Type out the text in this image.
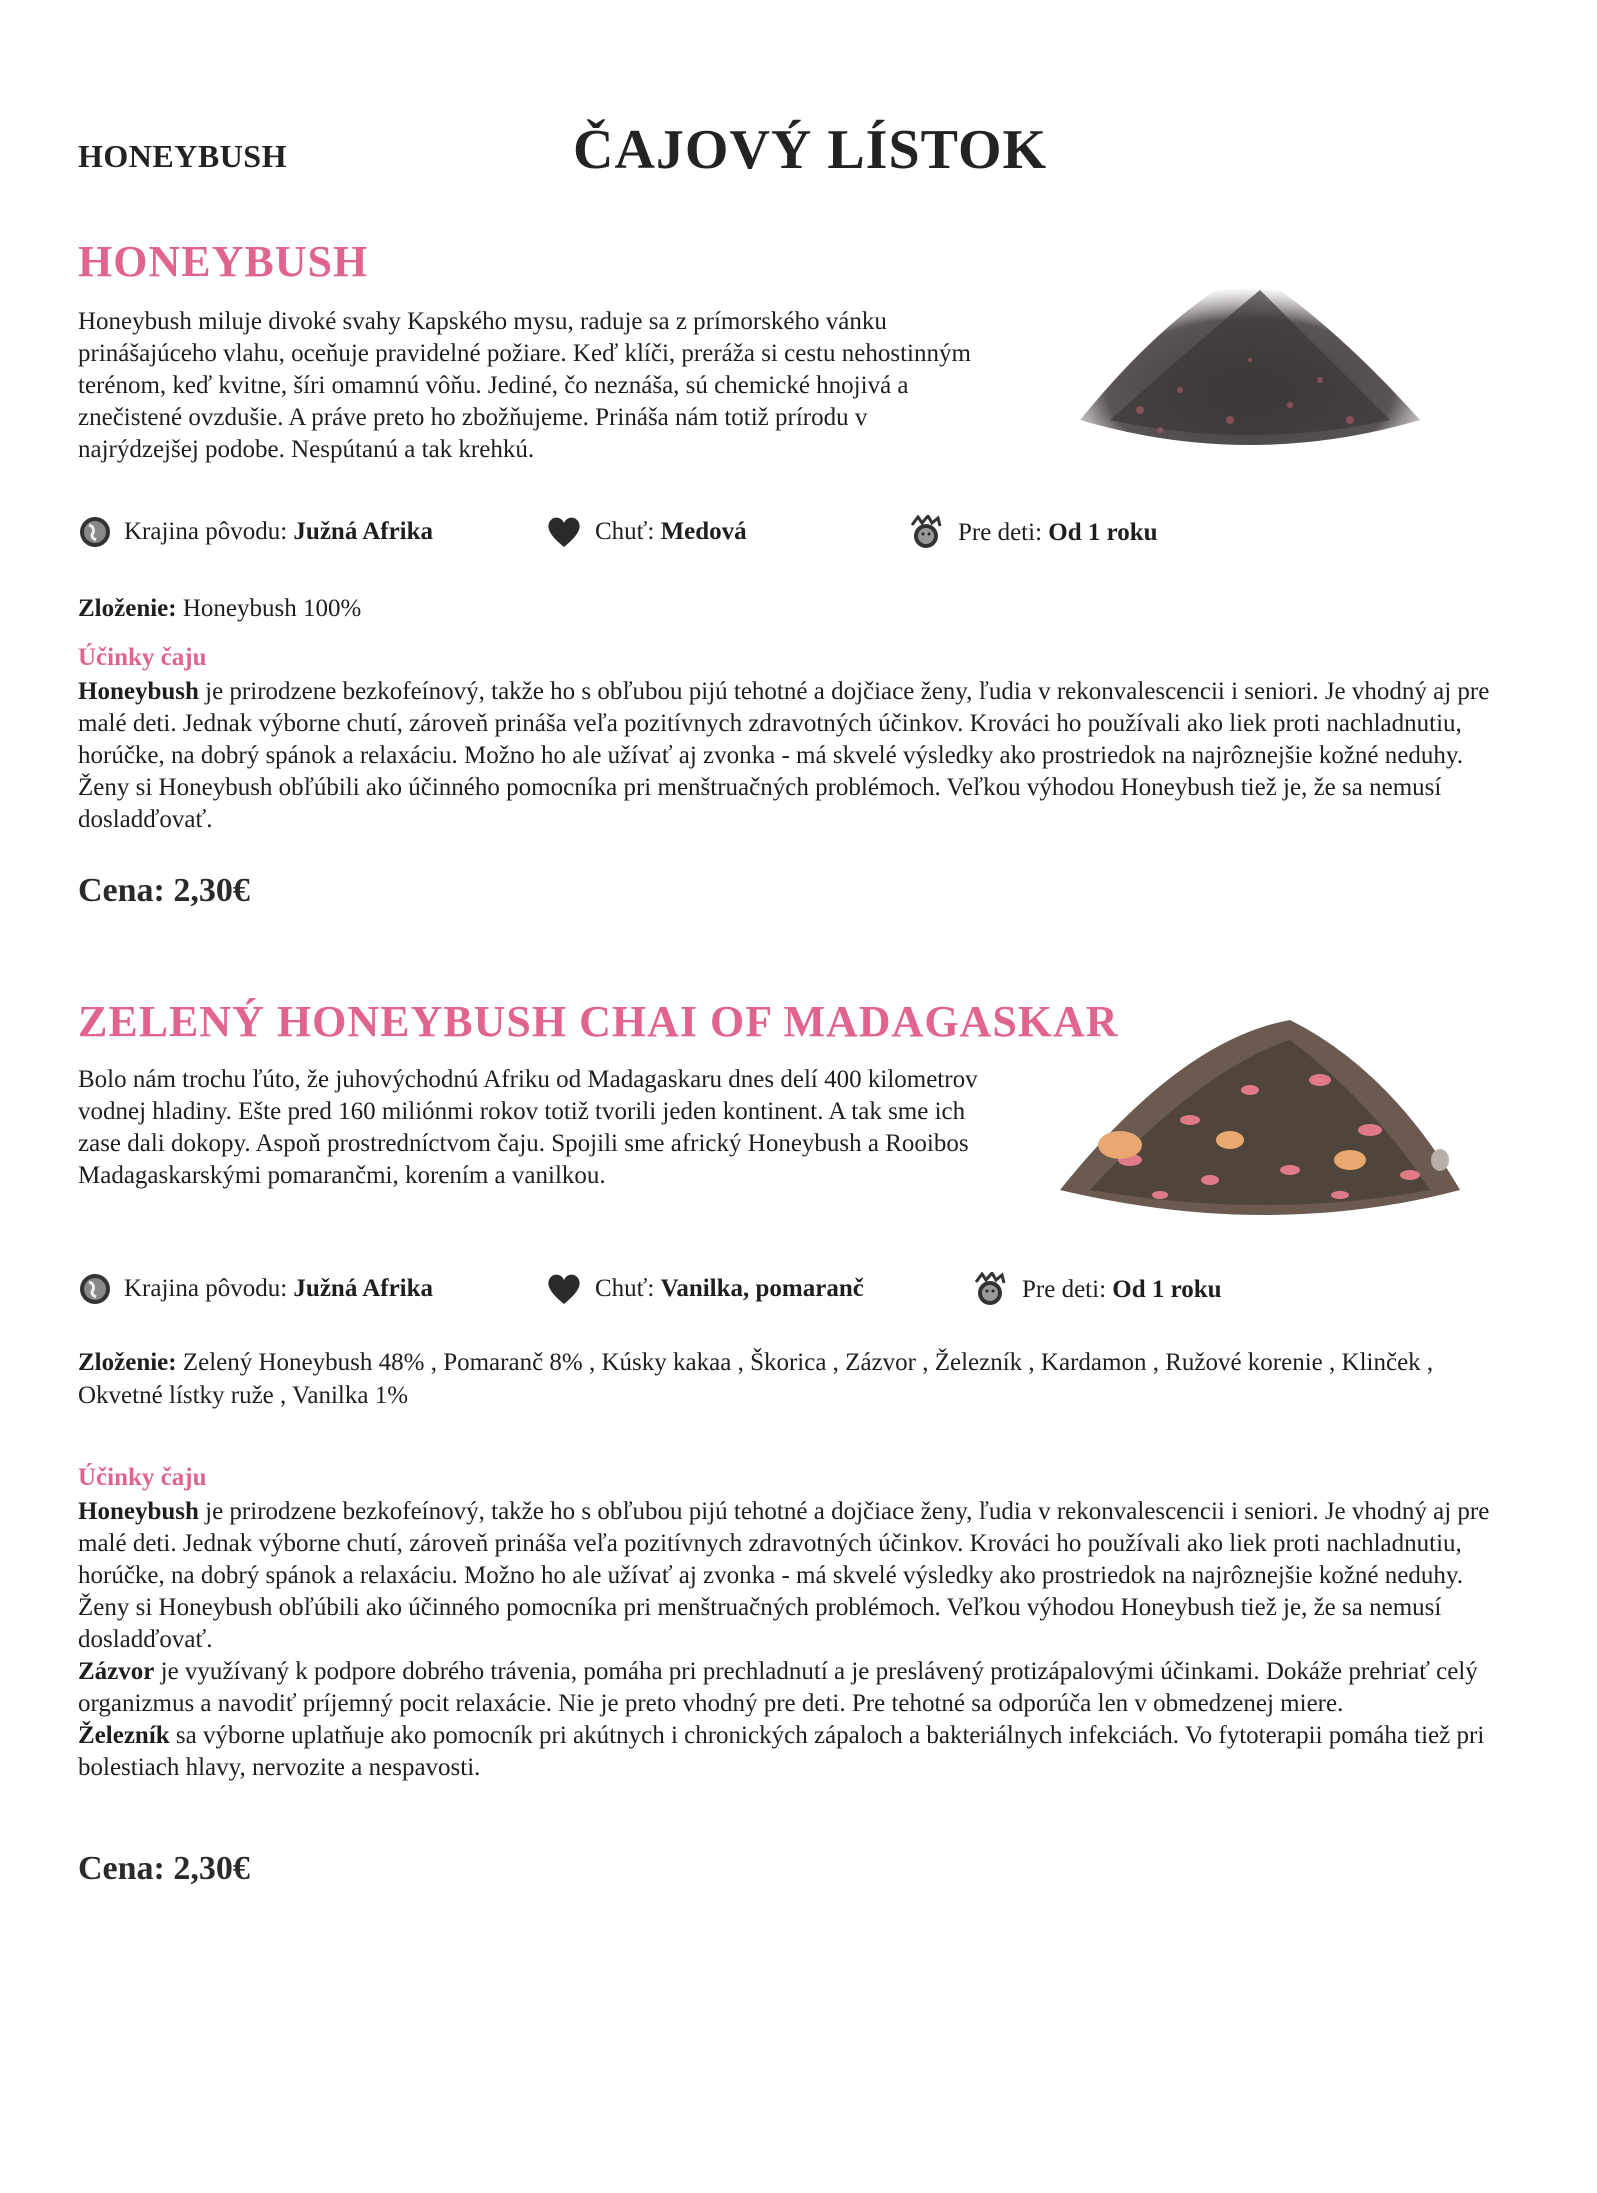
HONEYBUSH	ČAJOVÝ LÍSTOK
HONEYBUSH

Honeybush miluje divoké svahy Kapského mysu, raduje sa z prímorského vánku prinášajúceho vlahu, oceňuje pravidelné požiare. Keď klíči, preráža si cestu nehostinným terénom, keď kvitne, šíri omamnú vôňu. Jediné, čo neznáša, sú chemické hnojivá a znečistené ovzdušie. A práve preto ho zbožňujeme. Prináša nám totiž prírodu v najrýdzejšej podobe. Nespútanú a tak krehkú.

Krajina pôvodu:
Južná Afrika	Chuť:
Medová	Pre deti:
Od 1 roku
Zloženie: Honeybush 100%
Účinky čaju

Honeybush je prirodzene bezkofeínový, takže ho s obľubou pijú tehotné a dojčiace ženy, ľudia v rekonvalescencii i seniori. Je vhodný aj pre malé deti. Jednak výborne chutí, zároveň prináša veľa pozitívnych zdravotných účinkov. Krováci ho používali ako liek proti nachladnutiu, horúčke, na dobrý spánok a relaxáciu. Možno ho ale užívať aj zvonka - má skvelé výsledky ako prostriedok na najrôznejšie kožné neduhy. Ženy si Honeybush obľúbili ako účinného pomocníka pri menštruačných problémoch. Veľkou výhodou Honeybush tiež je, že sa nemusí dosladďovať.

Cena: 2,30€
ZELENÝ HONEYBUSH CHAI OF MADAGASKAR

Bolo nám trochu ľúto, že juhovýchodnú Afriku od Madagaskaru dnes delí 400 kilometrov vodnej hladiny. Ešte pred 160 miliónmi rokov totiž tvorili jeden kontinent. A tak sme ich zase dali dokopy. Aspoň prostredníctvom čaju. Spojili sme africký Honeybush a Rooibos Madagaskarskými pomarančmi, korením a vanilkou.

Krajina pôvodu:
Južná Afrika	Chuť:
Vanilka, pomaranč	Pre deti:
Od 1 roku
Zloženie: Zelený Honeybush 48% , Pomaranč 8% , Kúsky kakaa , Škorica , Zázvor , Železník , Kardamon , Ružové korenie , Klinček , Okvetné lístky ruže , Vanilka 1%
Účinky čaju
Honeybush je prirodzene bezkofeínový, takže ho s obľubou pijú tehotné a dojčiace ženy, ľudia v rekonvalescencii i seniori. Je vhodný aj pre malé deti. Jednak výborne chutí, zároveň prináša veľa pozitívnych zdravotných účinkov. Krováci ho používali ako liek proti nachladnutiu, horúčke, na dobrý spánok a relaxáciu. Možno ho ale užívať aj zvonka - má skvelé výsledky ako prostriedok na najrôznejšie kožné neduhy. Ženy si Honeybush obľúbili ako účinného pomocníka pri menštruačných problémoch. Veľkou výhodou Honeybush tiež je, že sa nemusí dosladďovať.
Zázvor je využívaný k podpore dobrého trávenia, pomáha pri prechladnutí a je preslávený protizápalovými účinkami. Dokáže prehriať celý organizmus a navodiť príjemný pocit relaxácie. Nie je preto vhodný pre deti. Pre tehotné sa odporúča len v obmedzenej miere.
Železník sa výborne uplatňuje ako pomocník pri akútnych i chronických zápaloch a bakteriálnych infekciách. Vo fytoterapii pomáha tiež pri bolestiach hlavy, nervozite a nespavosti.
Cena: 2,30€
